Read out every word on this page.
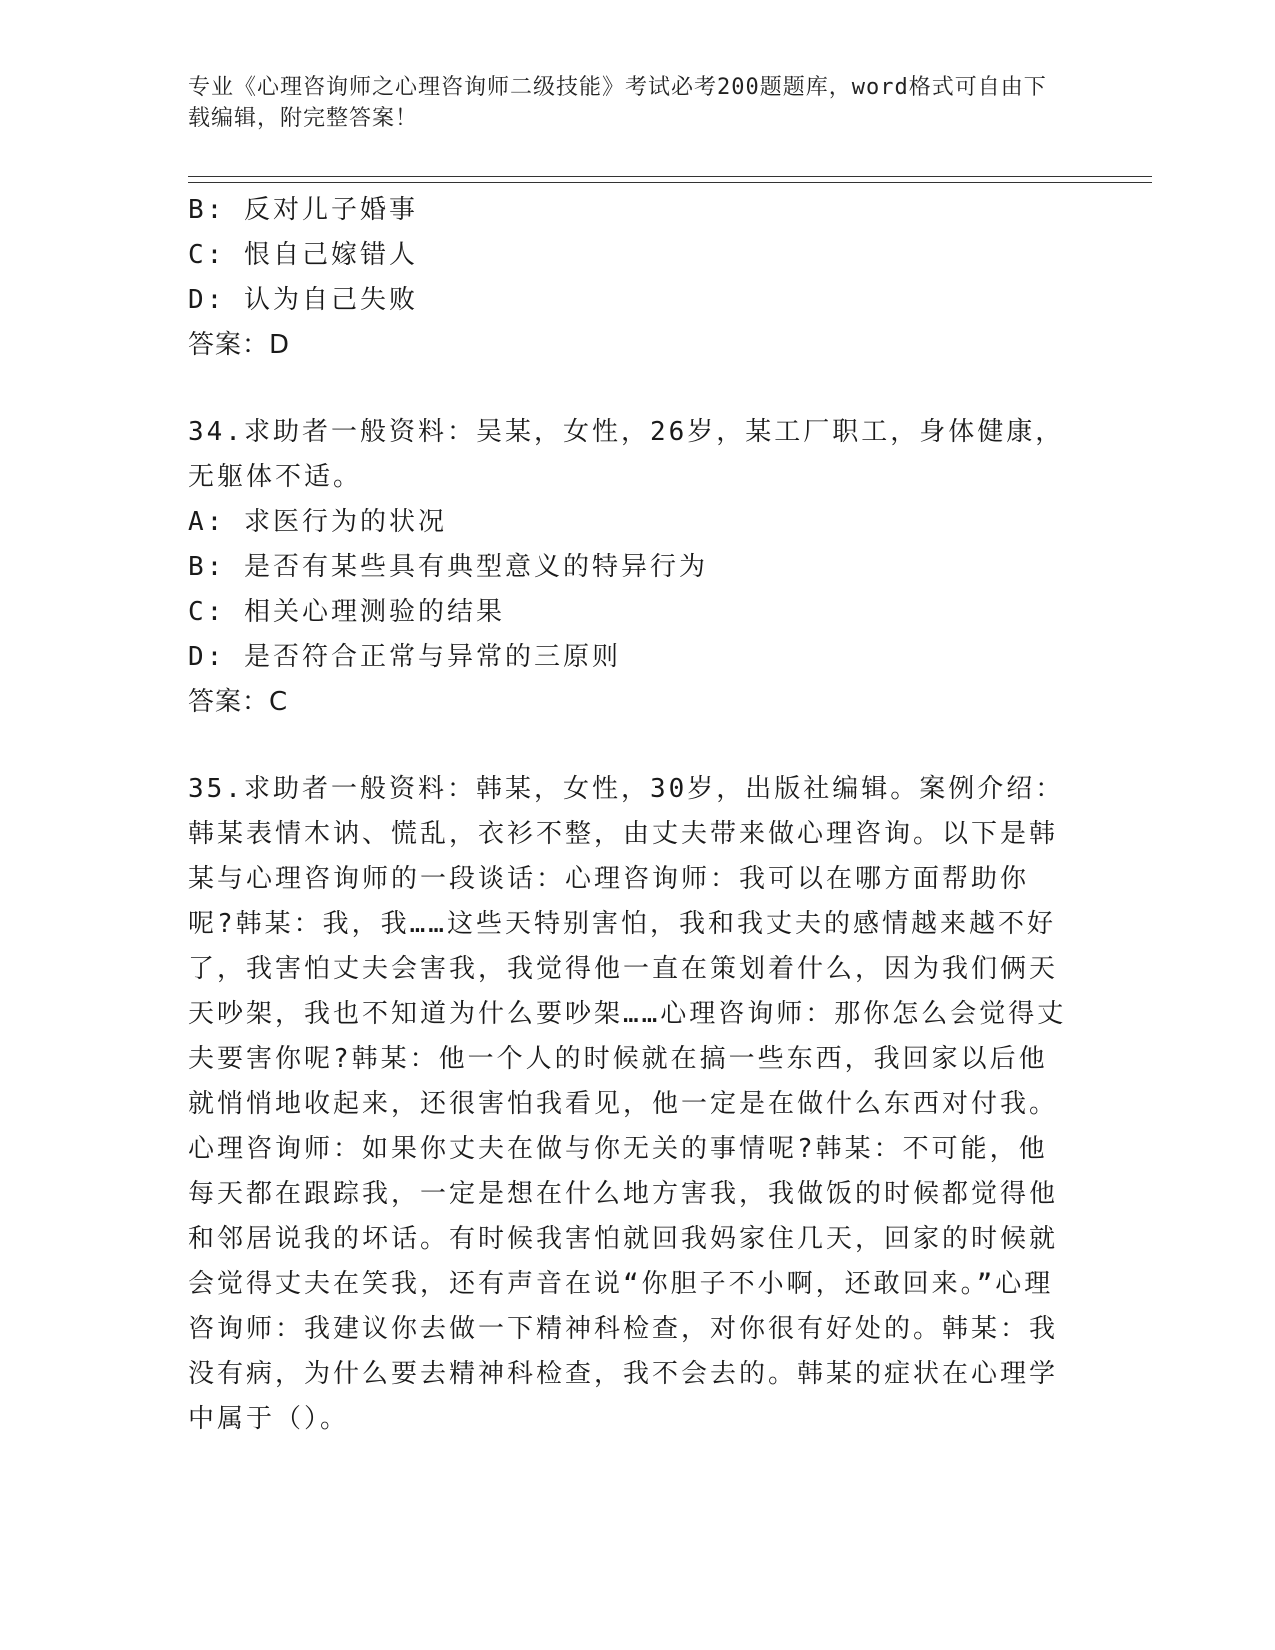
专业《心理咨询师之心理咨询师二级技能》考试必考200题题库，word格式可自由下载编辑，附完整答案！
B: 反对儿子婚事
C: 恨自己嫁错人
D: 认为自己失败
答案：D
34.求助者一般资料：吴某，女性，26岁，某工厂职工，身体健康，无躯体不适。
A: 求医行为的状况
B: 是否有某些具有典型意义的特异行为
C: 相关心理测验的结果
D: 是否符合正常与异常的三原则
答案：C
35.求助者一般资料：韩某，女性，30岁，出版社编辑。案例介绍：韩某表情木讷、慌乱，衣衫不整，由丈夫带来做心理咨询。以下是韩某与心理咨询师的一段谈话：心理咨询师：我可以在哪方面帮助你呢?韩某：我，我……这些天特别害怕，我和我丈夫的感情越来越不好了，我害怕丈夫会害我，我觉得他一直在策划着什么，因为我们俩天天吵架，我也不知道为什么要吵架……心理咨询师：那你怎么会觉得丈夫要害你呢?韩某：他一个人的时候就在搞一些东西，我回家以后他就悄悄地收起来，还很害怕我看见，他一定是在做什么东西对付我。心理咨询师：如果你丈夫在做与你无关的事情呢?韩某：不可能，他每天都在跟踪我，一定是想在什么地方害我，我做饭的时候都觉得他和邻居说我的坏话。有时候我害怕就回我妈家住几天，回家的时候就会觉得丈夫在笑我，还有声音在说“你胆子不小啊，还敢回来。”心理咨询师：我建议你去做一下精神科检查，对你很有好处的。韩某：我没有病，为什么要去精神科检查，我不会去的。韩某的症状在心理学中属于（）。
